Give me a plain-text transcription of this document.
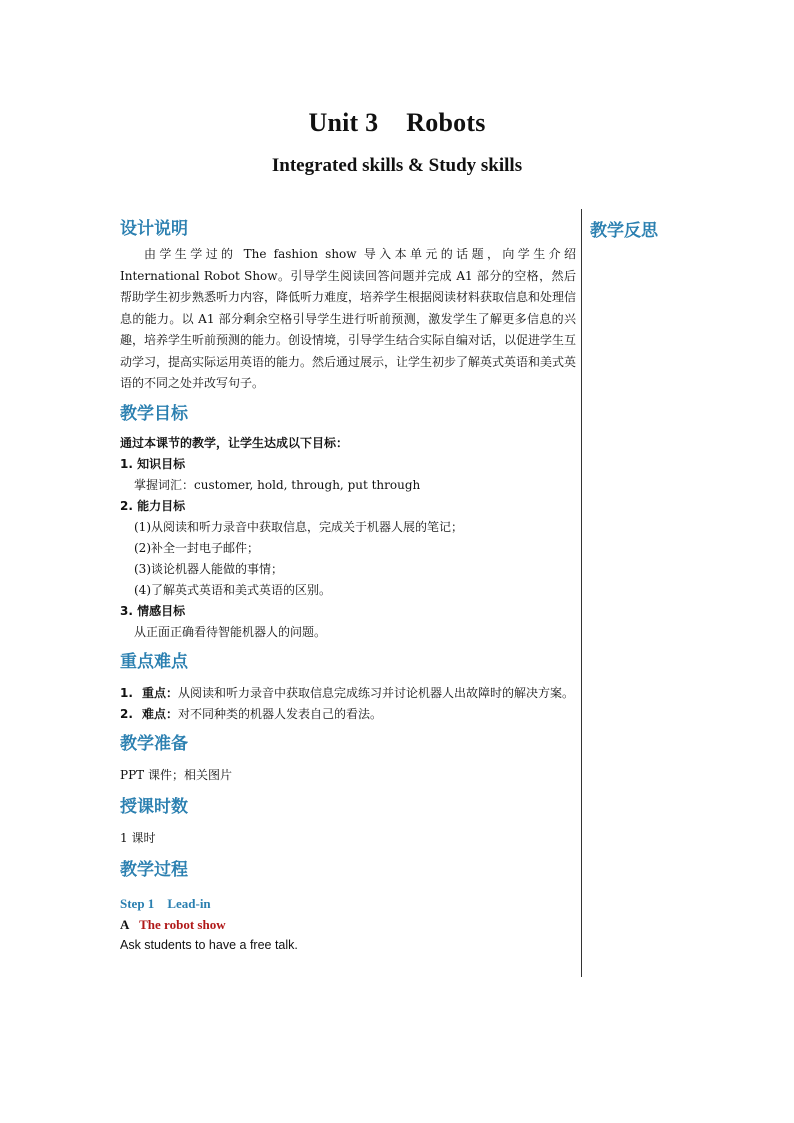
Unit 3 Robots
Integrated skills & Study skills
教学反思
设计说明

由学生学过的 The fashion show 导入本单元的话题，向学生介绍 International Robot Show。引导学生阅读回答问题并完成 A1 部分的空格，然后帮助学生初步熟悉听力内容，降低听力难度，培养学生根据阅读材料获取信息和处理信息的能力。以 A1 部分剩余空格引导学生进行听前预测，激发学生了解更多信息的兴趣，培养学生听前预测的能力。创设情境，引导学生结合实际自编对话，以促进学生互动学习，提高实际运用英语的能力。然后通过展示，让学生初步了解英式英语和美式英语的不同之处并改写句子。

教学目标

通过本课节的教学，让学生达成以下目标：

1. 知识目标

掌握词汇：customer, hold, through, put through

2. 能力目标

(1)从阅读和听力录音中获取信息，完成关于机器人展的笔记；

(2)补全一封电子邮件；

(3)谈论机器人能做的事情；

(4)了解英式英语和美式英语的区别。

3. 情感目标

从正面正确看待智能机器人的问题。

重点难点

1. 重点：从阅读和听力录音中获取信息完成练习并讨论机器人出故障时的解决方案。

2. 难点：对不同种类的机器人发表自己的看法。

教学准备

PPT 课件；相关图片

授课时数

1 课时

教学过程

Step 1 Lead-in

A The robot show

Ask students to have a free talk.
